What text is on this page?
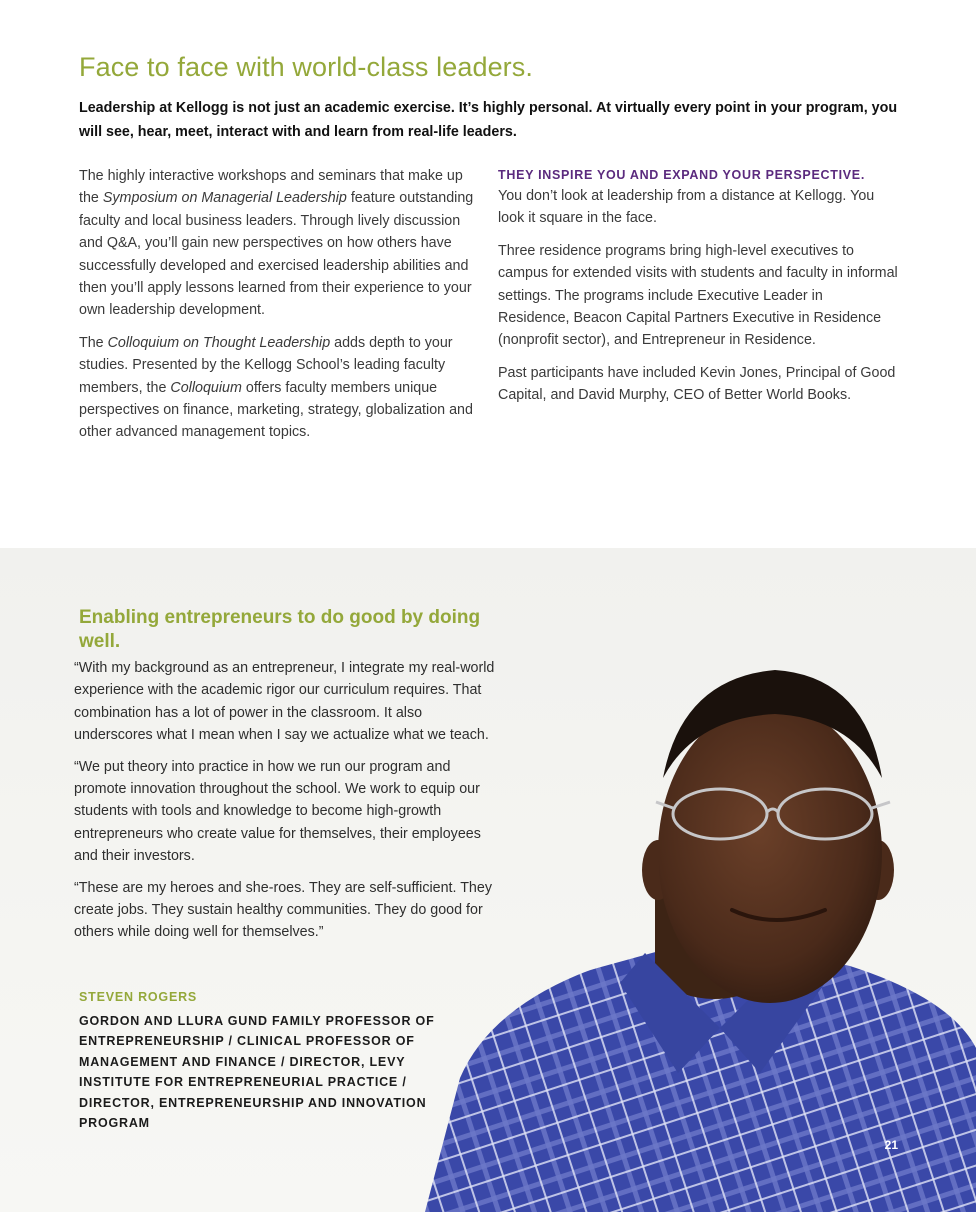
Face to face with world-class leaders.

Leadership at Kellogg is not just an academic exercise. It’s highly personal. At virtually every point in your program, you will see, hear, meet, interact with and learn from real-life leaders.

The highly interactive workshops and seminars that make up the Symposium on Managerial Leadership feature outstanding faculty and local business leaders. Through lively discussion and Q&A, you’ll gain new perspectives on how others have successfully developed and exercised leadership abilities and then you’ll apply lessons learned from their experience to your own leadership development.

The Colloquium on Thought Leadership adds depth to your studies. Presented by the Kellogg School’s leading faculty members, the Colloquium offers faculty members unique perspectives on finance, marketing, strategy, globalization and other advanced management topics.

THEY INSPIRE YOU AND EXPAND YOUR PERSPECTIVE.

You don’t look at leadership from a distance at Kellogg. You look it square in the face.

Three residence programs bring high-level executives to campus for extended visits with students and faculty in informal settings. The programs include Executive Leader in Residence, Beacon Capital Partners Executive in Residence (nonprofit sector), and Entrepreneur in Residence.

Past participants have included Kevin Jones, Principal of Good Capital, and David Murphy, CEO of Better World Books.

Enabling entrepreneurs to do good by doing well.

“With my background as an entrepreneur, I integrate my real-world experience with the academic rigor our curriculum requires. That combination has a lot of power in the classroom. It also underscores what I mean when I say we actualize what we teach.

“We put theory into practice in how we run our program and promote innovation throughout the school. We work to equip our students with tools and knowledge to become high-growth entrepreneurs who create value for themselves, their employees and their investors.

“These are my heroes and she-roes. They are self-sufficient. They create jobs. They sustain healthy communities. They do good for others while doing well for themselves.”

STEVEN ROGERS
GORDON AND LLURA GUND FAMILY PROFESSOR OF ENTREPRENEURSHIP / CLINICAL PROFESSOR OF MANAGEMENT AND FINANCE / DIRECTOR, LEVY INSTITUTE FOR ENTREPRENEURIAL PRACTICE / DIRECTOR, ENTREPRENEURSHIP AND INNOVATION PROGRAM
21
